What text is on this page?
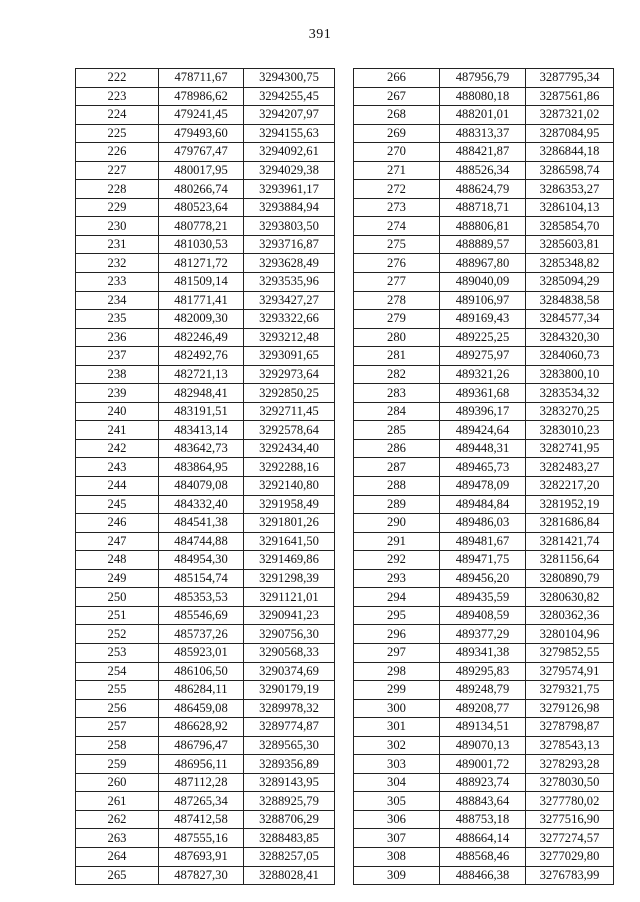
391
222	478711,67	3294300,75
223	478986,62	3294255,45
224	479241,45	3294207,97
225	479493,60	3294155,63
226	479767,47	3294092,61
227	480017,95	3294029,38
228	480266,74	3293961,17
229	480523,64	3293884,94
230	480778,21	3293803,50
231	481030,53	3293716,87
232	481271,72	3293628,49
233	481509,14	3293535,96
234	481771,41	3293427,27
235	482009,30	3293322,66
236	482246,49	3293212,48
237	482492,76	3293091,65
238	482721,13	3292973,64
239	482948,41	3292850,25
240	483191,51	3292711,45
241	483413,14	3292578,64
242	483642,73	3292434,40
243	483864,95	3292288,16
244	484079,08	3292140,80
245	484332,40	3291958,49
246	484541,38	3291801,26
247	484744,88	3291641,50
248	484954,30	3291469,86
249	485154,74	3291298,39
250	485353,53	3291121,01
251	485546,69	3290941,23
252	485737,26	3290756,30
253	485923,01	3290568,33
254	486106,50	3290374,69
255	486284,11	3290179,19
256	486459,08	3289978,32
257	486628,92	3289774,87
258	486796,47	3289565,30
259	486956,11	3289356,89
260	487112,28	3289143,95
261	487265,34	3288925,79
262	487412,58	3288706,29
263	487555,16	3288483,85
264	487693,91	3288257,05
265	487827,30	3288028,41
266	487956,79	3287795,34
267	488080,18	3287561,86
268	488201,01	3287321,02
269	488313,37	3287084,95
270	488421,87	3286844,18
271	488526,34	3286598,74
272	488624,79	3286353,27
273	488718,71	3286104,13
274	488806,81	3285854,70
275	488889,57	3285603,81
276	488967,80	3285348,82
277	489040,09	3285094,29
278	489106,97	3284838,58
279	489169,43	3284577,34
280	489225,25	3284320,30
281	489275,97	3284060,73
282	489321,26	3283800,10
283	489361,68	3283534,32
284	489396,17	3283270,25
285	489424,64	3283010,23
286	489448,31	3282741,95
287	489465,73	3282483,27
288	489478,09	3282217,20
289	489484,84	3281952,19
290	489486,03	3281686,84
291	489481,67	3281421,74
292	489471,75	3281156,64
293	489456,20	3280890,79
294	489435,59	3280630,82
295	489408,59	3280362,36
296	489377,29	3280104,96
297	489341,38	3279852,55
298	489295,83	3279574,91
299	489248,79	3279321,75
300	489208,77	3279126,98
301	489134,51	3278798,87
302	489070,13	3278543,13
303	489001,72	3278293,28
304	488923,74	3278030,50
305	488843,64	3277780,02
306	488753,18	3277516,90
307	488664,14	3277274,57
308	488568,46	3277029,80
309	488466,38	3276783,99
